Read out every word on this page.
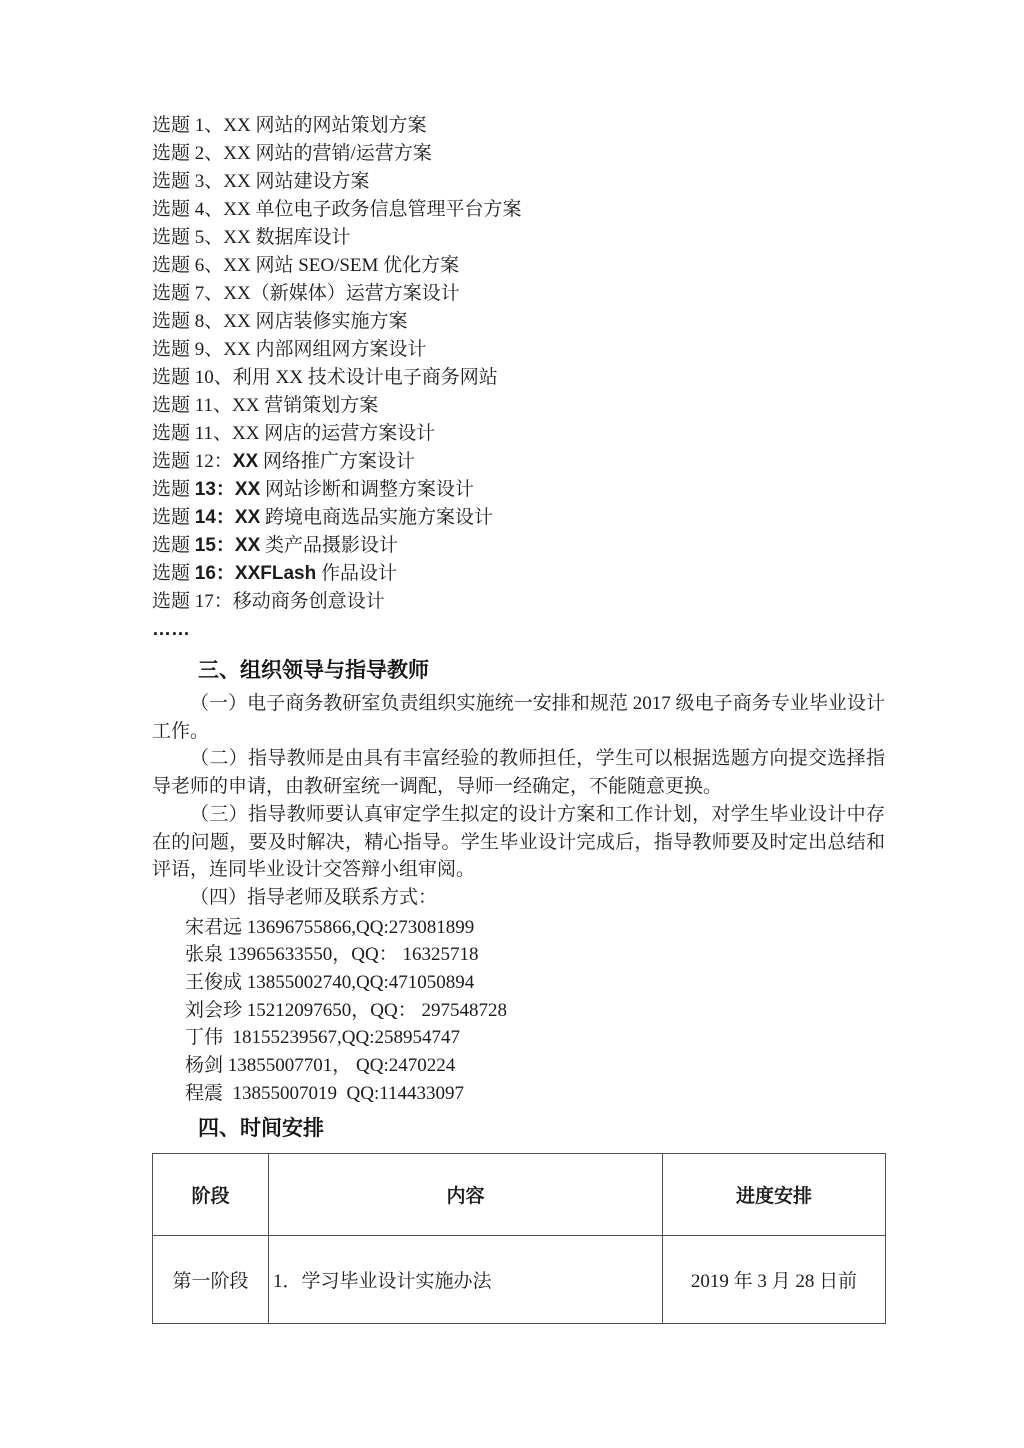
选题 1、XX 网站的网站策划方案
选题 2、XX 网站的营销/运营方案
选题 3、XX 网站建设方案
选题 4、XX 单位电子政务信息管理平台方案
选题 5、XX 数据库设计
选题 6、XX 网站 SEO/SEM 优化方案
选题 7、XX（新媒体）运营方案设计
选题 8、XX 网店装修实施方案
选题 9、XX 内部网组网方案设计
选题 10、利用 XX 技术设计电子商务网站
选题 11、XX 营销策划方案
选题 11、XX 网店的运营方案设计
选题 12：XX 网络推广方案设计
选题 13：XX 网站诊断和调整方案设计
选题 14：XX 跨境电商选品实施方案设计
选题 15：XX 类产品摄影设计
选题 16：XXFLash 作品设计
选题 17：移动商务创意设计
……
三、组织领导与指导教师

（一）电子商务教研室负责组织实施统一安排和规范 2017 级电子商务专业毕业设计工作。

（二）指导教师是由具有丰富经验的教师担任，学生可以根据选题方向提交选择指导老师的申请，由教研室统一调配，导师一经确定，不能随意更换。

（三）指导教师要认真审定学生拟定的设计方案和工作计划，对学生毕业设计中存在的问题，要及时解决，精心指导。学生毕业设计完成后，指导教师要及时定出总结和评语，连同毕业设计交答辩小组审阅。

（四）指导老师及联系方式：

宋君远 13696755866,QQ:273081899
张泉 13965633550，QQ： 16325718
王俊成 13855002740,QQ:471050894
刘会珍 15212097650，QQ： 297548728
丁伟  18155239567,QQ:258954747
杨剑 13855007701， QQ:2470224
程震  13855007019  QQ:114433097
四、时间安排
阶段	内容	进度安排
第一阶段	1．学习毕业设计实施办法	2019 年 3 月 28 日前
